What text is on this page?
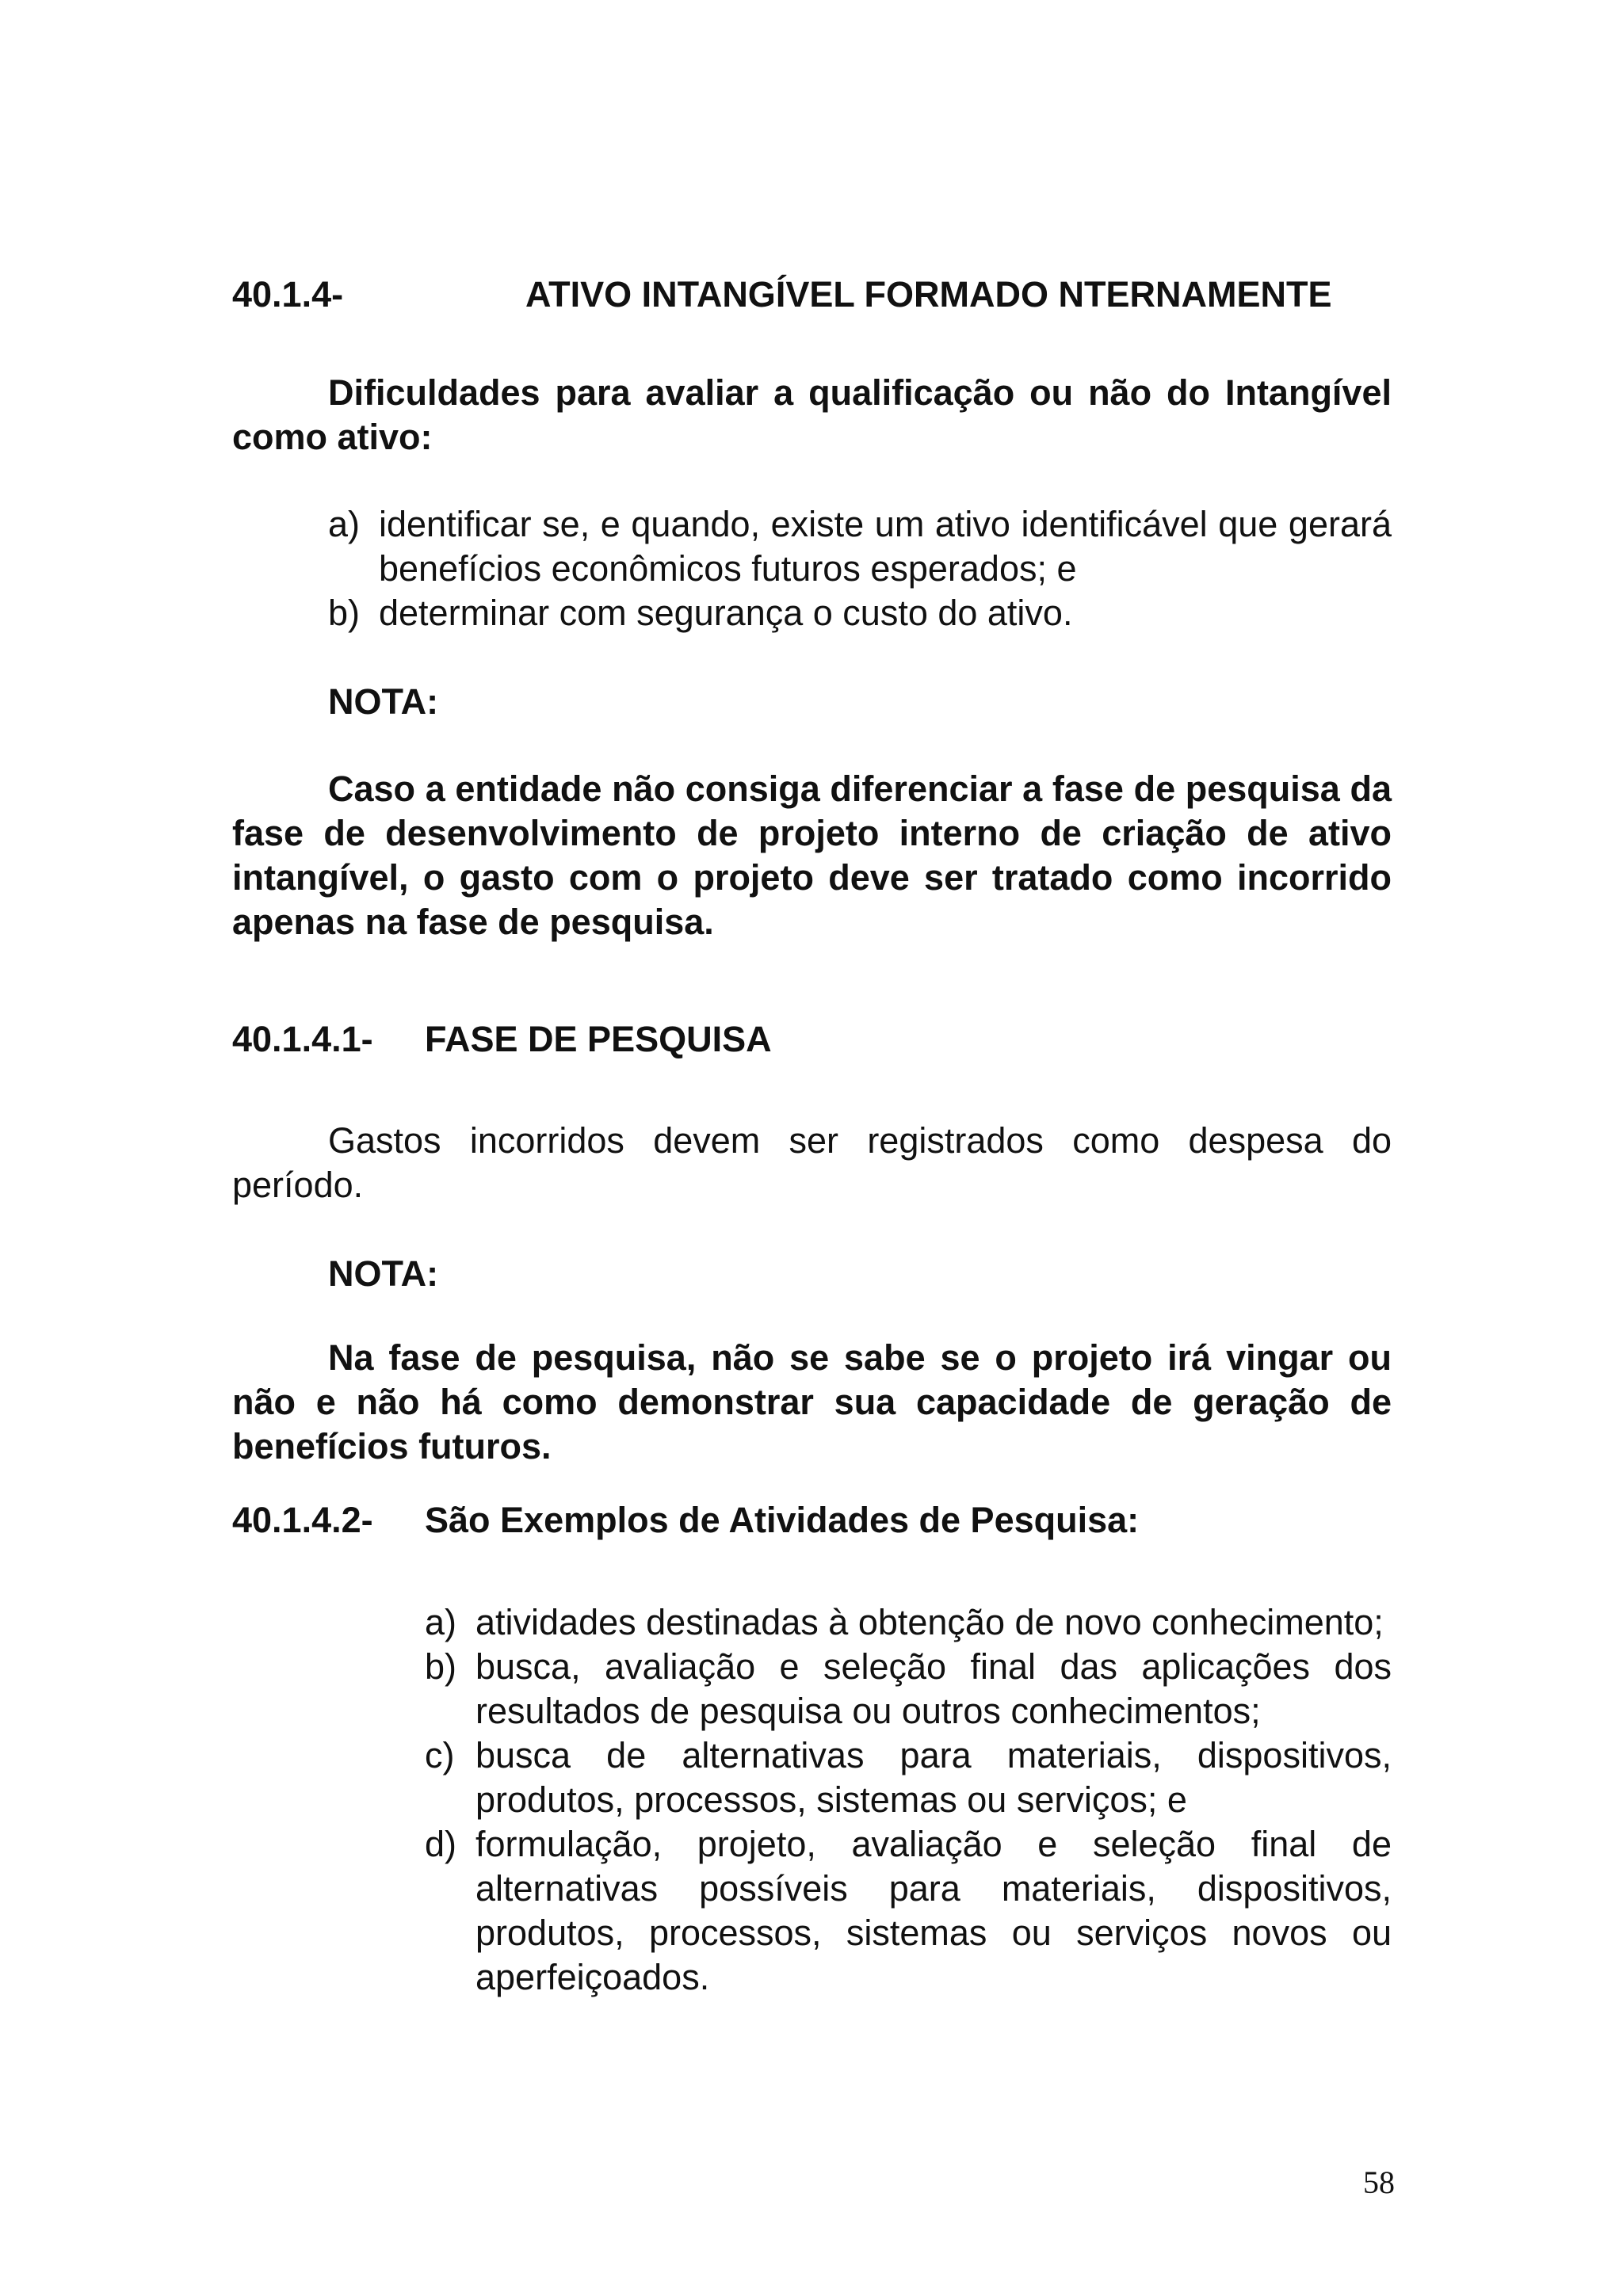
40.1.4-	ATIVO INTANGÍVEL FORMADO NTERNAMENTE

Dificuldades para avaliar a qualificação ou não do Intangível como ativo:

a) identificar se, e quando, existe um ativo identificável que gerará benefícios econômicos futuros esperados; e
b) determinar com segurança o custo do ativo.
NOTA:

Caso a entidade não consiga diferenciar a fase de pesquisa da fase de desenvolvimento de projeto interno de criação de ativo intangível, o gasto com o projeto deve ser tratado como incorrido apenas na fase de pesquisa.

40.1.4.1- FASE DE PESQUISA

Gastos incorridos devem ser registrados como despesa do período.

NOTA:

Na fase de pesquisa, não se sabe se o projeto irá vingar ou não e não há como demonstrar sua capacidade de geração de benefícios futuros.

40.1.4.2- São Exemplos de Atividades de Pesquisa:
a) atividades destinadas à obtenção de novo conhecimento;
b) busca, avaliação e seleção final das aplicações dos resultados de pesquisa ou outros conhecimentos;
c) busca de alternativas para materiais, dispositivos, produtos, processos, sistemas ou serviços; e
d) formulação, projeto, avaliação e seleção final de alternativas possíveis para materiais, dispositivos, produtos, processos, sistemas ou serviços novos ou aperfeiçoados.
58
